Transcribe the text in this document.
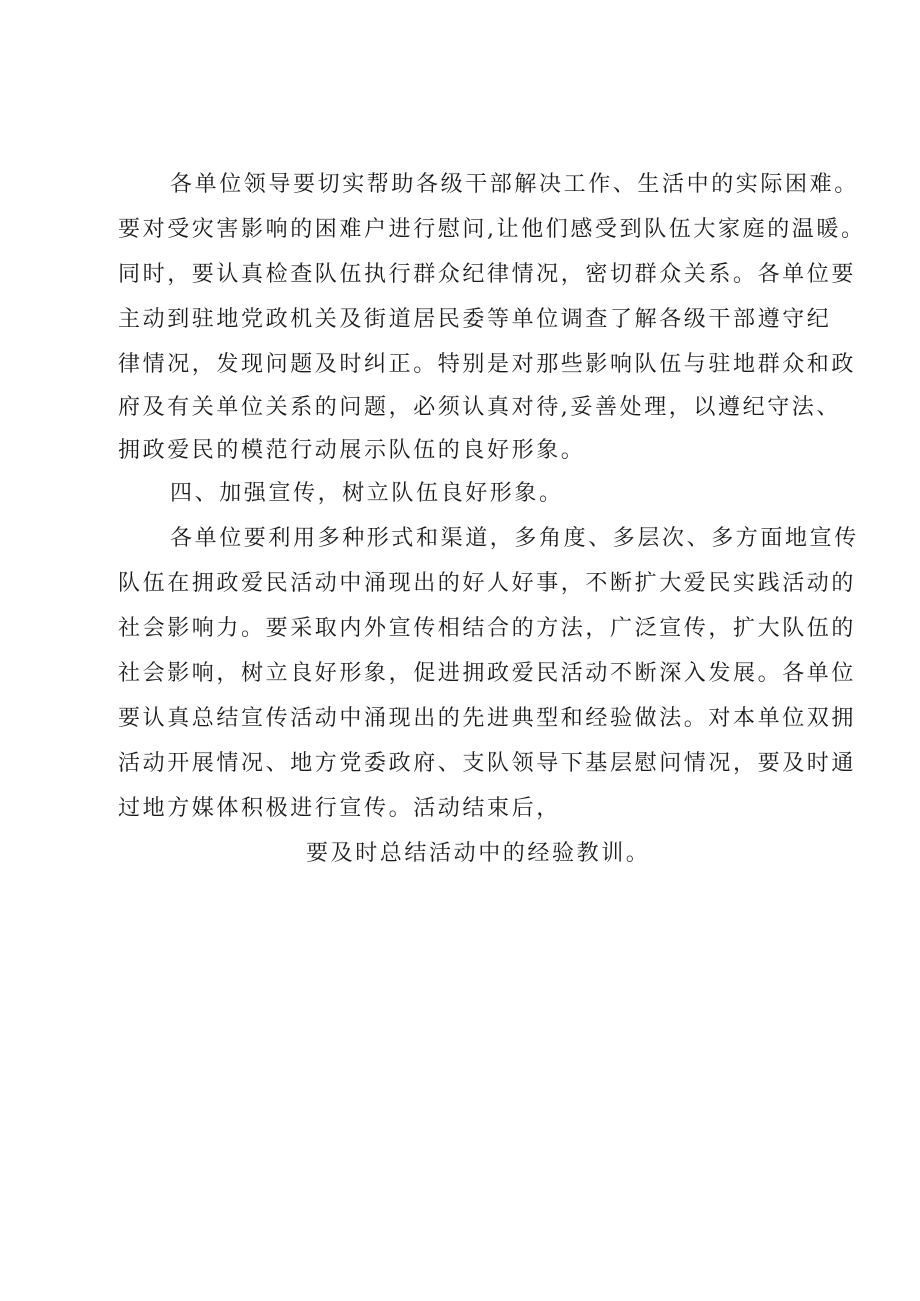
各单位领导要切实帮助各级干部解决工作、生活中的实际困难。
要对受灾害影响的困难户进行慰问,让他们感受到队伍大家庭的温暖。
同时，要认真检查队伍执行群众纪律情况，密切群众关系。各单位要
主动到驻地党政机关及街道居民委等单位调查了解各级干部遵守纪
律情况，发现问题及时纠正。特别是对那些影响队伍与驻地群众和政
府及有关单位关系的问题，必须认真对待,妥善处理，以遵纪守法、
拥政爱民的模范行动展示队伍的良好形象。
四、加强宣传，树立队伍良好形象。
各单位要利用多种形式和渠道，多角度、多层次、多方面地宣传
队伍在拥政爱民活动中涌现出的好人好事，不断扩大爱民实践活动的
社会影响力。要采取内外宣传相结合的方法，广泛宣传，扩大队伍的
社会影响，树立良好形象，促进拥政爱民活动不断深入发展。各单位
要认真总结宣传活动中涌现出的先进典型和经验做法。对本单位双拥
活动开展情况、地方党委政府、支队领导下基层慰问情况，要及时通
过地方媒体积极进行宣传。活动结束后，
要及时总结活动中的经验教训。
